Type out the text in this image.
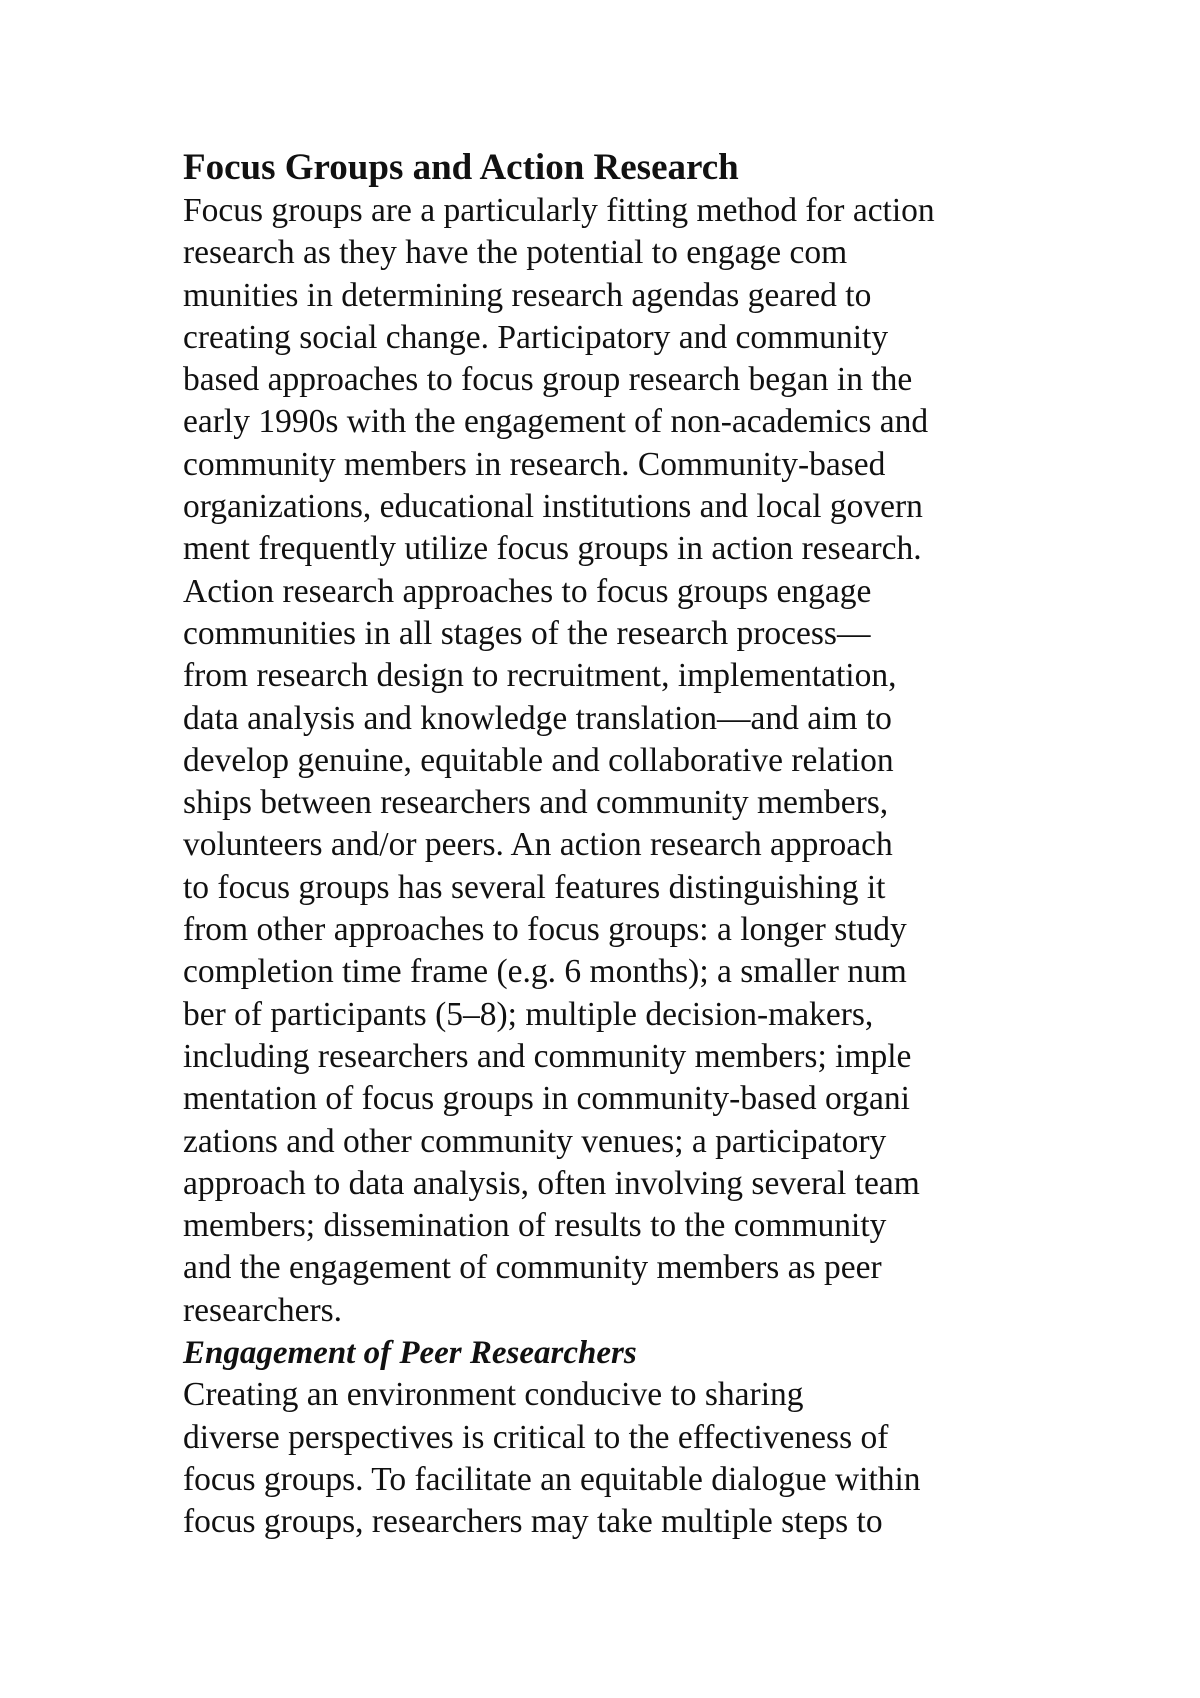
Focus Groups and Action Research
Focus groups are a particularly fitting method for action
research as they have the potential to engage com
munities in determining research agendas geared to
creating social change. Participatory and community
based approaches to focus group research began in the
early 1990s with the engagement of non-academics and
community members in research. Community-based
organizations, educational institutions and local govern
ment frequently utilize focus groups in action research.
Action research approaches to focus groups engage
communities in all stages of the research process—
from research design to recruitment, implementation,
data analysis and knowledge translation—and aim to
develop genuine, equitable and collaborative relation
ships between researchers and community members,
volunteers and/or peers. An action research approach
to focus groups has several features distinguishing it
from other approaches to focus groups: a longer study
completion time frame (e.g. 6 months); a smaller num
ber of participants (5–8); multiple decision-makers,
including researchers and community members; imple
mentation of focus groups in community-based organi
zations and other community venues; a participatory
approach to data analysis, often involving several team
members; dissemination of results to the community
and the engagement of community members as peer
researchers.
Engagement of Peer Researchers
Creating an environment conducive to sharing
diverse perspectives is critical to the effectiveness of
focus groups. To facilitate an equitable dialogue within
focus groups, researchers may take multiple steps to
